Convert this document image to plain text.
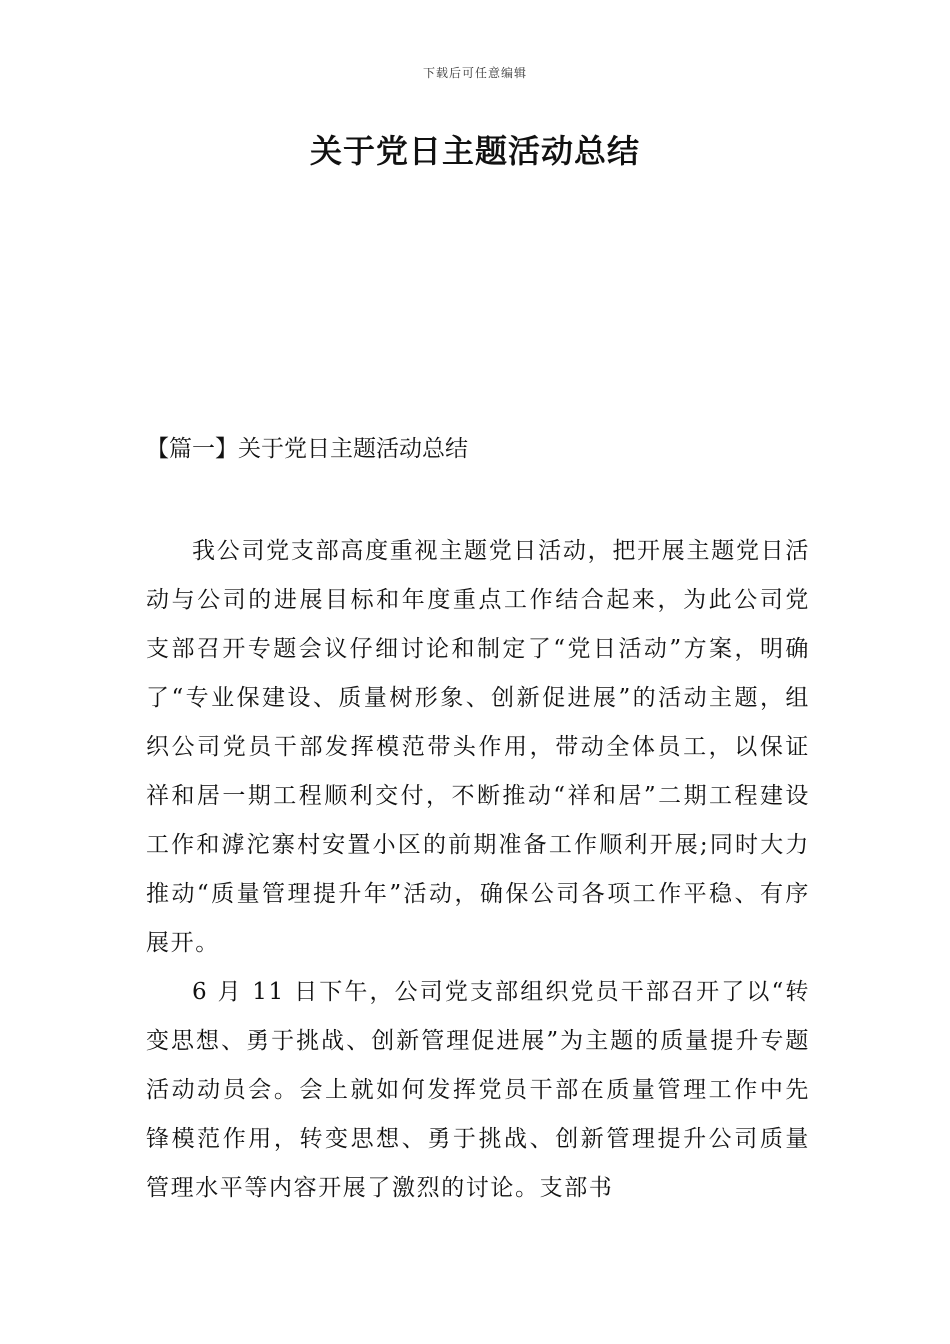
下载后可任意编辑
关于党日主题活动总结
【篇一】关于党日主题活动总结

我公司党支部高度重视主题党日活动，把开展主题党日活动与公司的进展目标和年度重点工作结合起来，为此公司党支部召开专题会议仔细讨论和制定了“党日活动”方案，明确了“专业保建设、质量树形象、创新促进展”的活动主题，组织公司党员干部发挥模范带头作用，带动全体员工，以保证祥和居一期工程顺利交付，不断推动“祥和居”二期工程建设工作和滹沱寨村安置小区的前期准备工作顺利开展;同时大力推动“质量管理提升年”活动，确保公司各项工作平稳、有序展开。

6 月 11 日下午，公司党支部组织党员干部召开了以“转变思想、勇于挑战、创新管理促进展”为主题的质量提升专题活动动员会。会上就如何发挥党员干部在质量管理工作中先锋模范作用，转变思想、勇于挑战、创新管理提升公司质量管理水平等内容开展了激烈的讨论。支部书
